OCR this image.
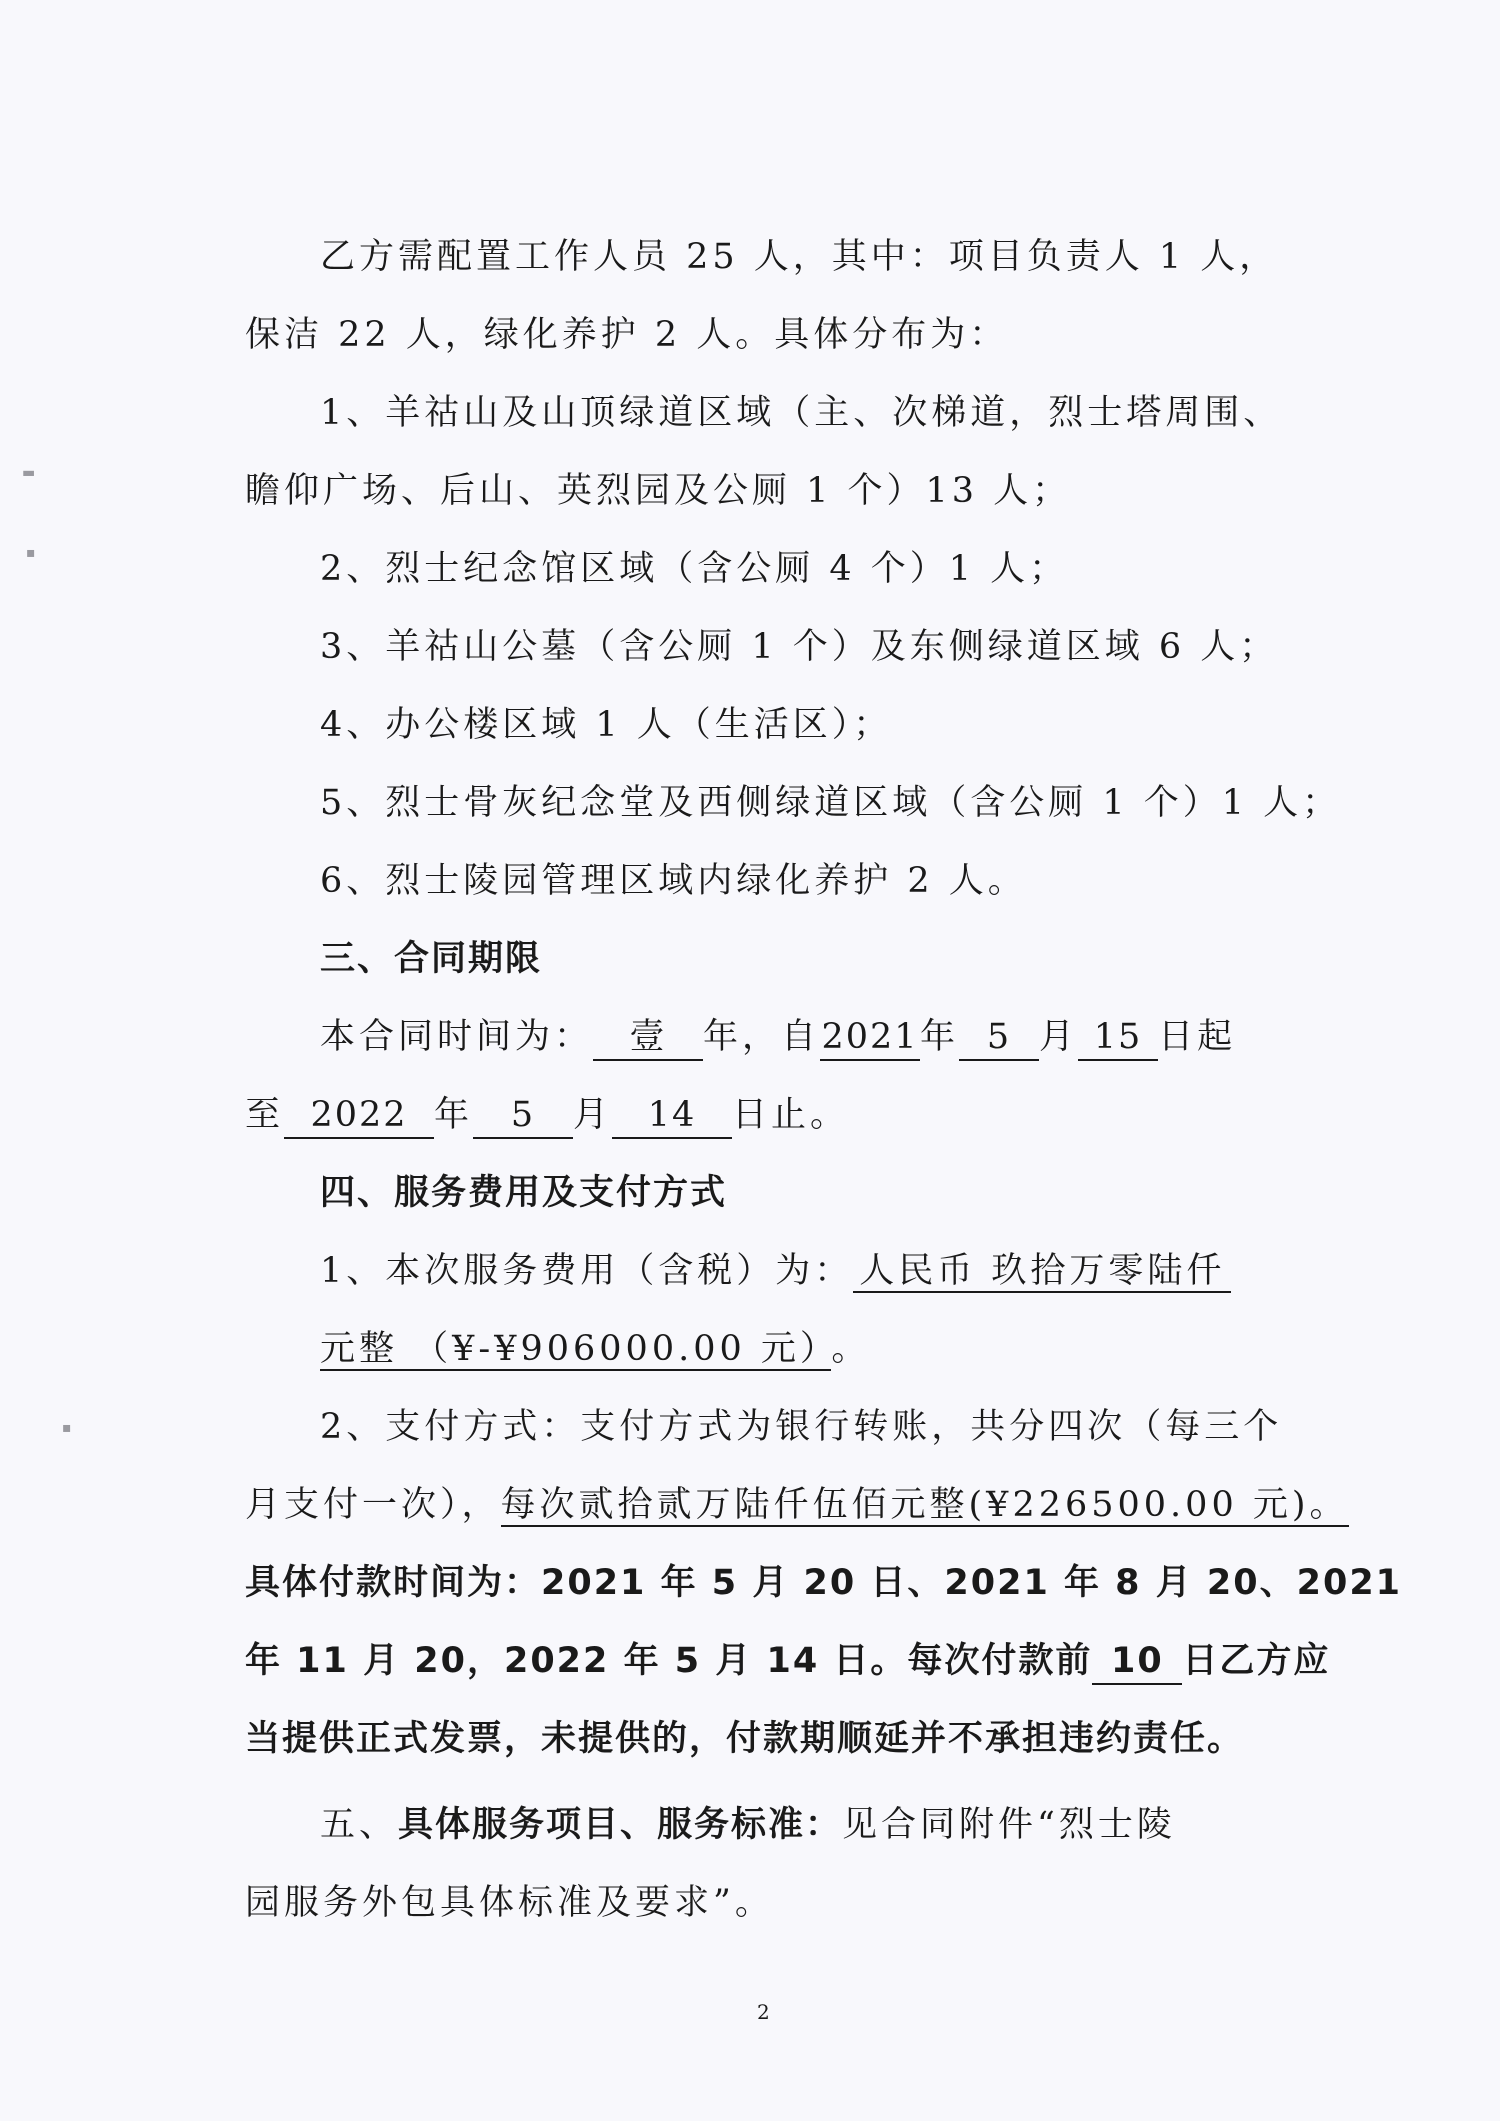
乙方需配置工作人员 25 人，其中：项目负责人 1 人，
保洁 22 人，绿化养护 2 人。具体分布为：
1、羊祜山及山顶绿道区域（主、次梯道，烈士塔周围、
瞻仰广场、后山、英烈园及公厕 1 个）13 人；
2、烈士纪念馆区域（含公厕 4 个）1 人；
3、羊祜山公墓（含公厕 1 个）及东侧绿道区域 6 人；
4、办公楼区域 1 人（生活区）；
5、烈士骨灰纪念堂及西侧绿道区域（含公厕 1 个）1 人；
6、烈士陵园管理区域内绿化养护 2 人。
三、合同期限
本合同时间为： 壹 年，自2021年 5 月 15 日起
至 2022 年 5 月 14 日止。
四、服务费用及支付方式
1、本次服务费用（含税）为： 人民币 玖拾万零陆仟
元整 （¥-¥906000.00 元） 。
2、支付方式：支付方式为银行转账，共分四次（每三个
月支付一次），每次贰拾贰万陆仟伍佰元整(¥226500.00 元)。
具体付款时间为：2021 年 5 月 20 日、2021 年 8 月 20、2021
年 11 月 20，2022 年 5 月 14 日。每次付款前 10 日乙方应
当提供正式发票，未提供的，付款期顺延并不承担违约责任。
五、具体服务项目、服务标准：见合同附件“烈士陵
园服务外包具体标准及要求”。
2
▬
▪
▪
